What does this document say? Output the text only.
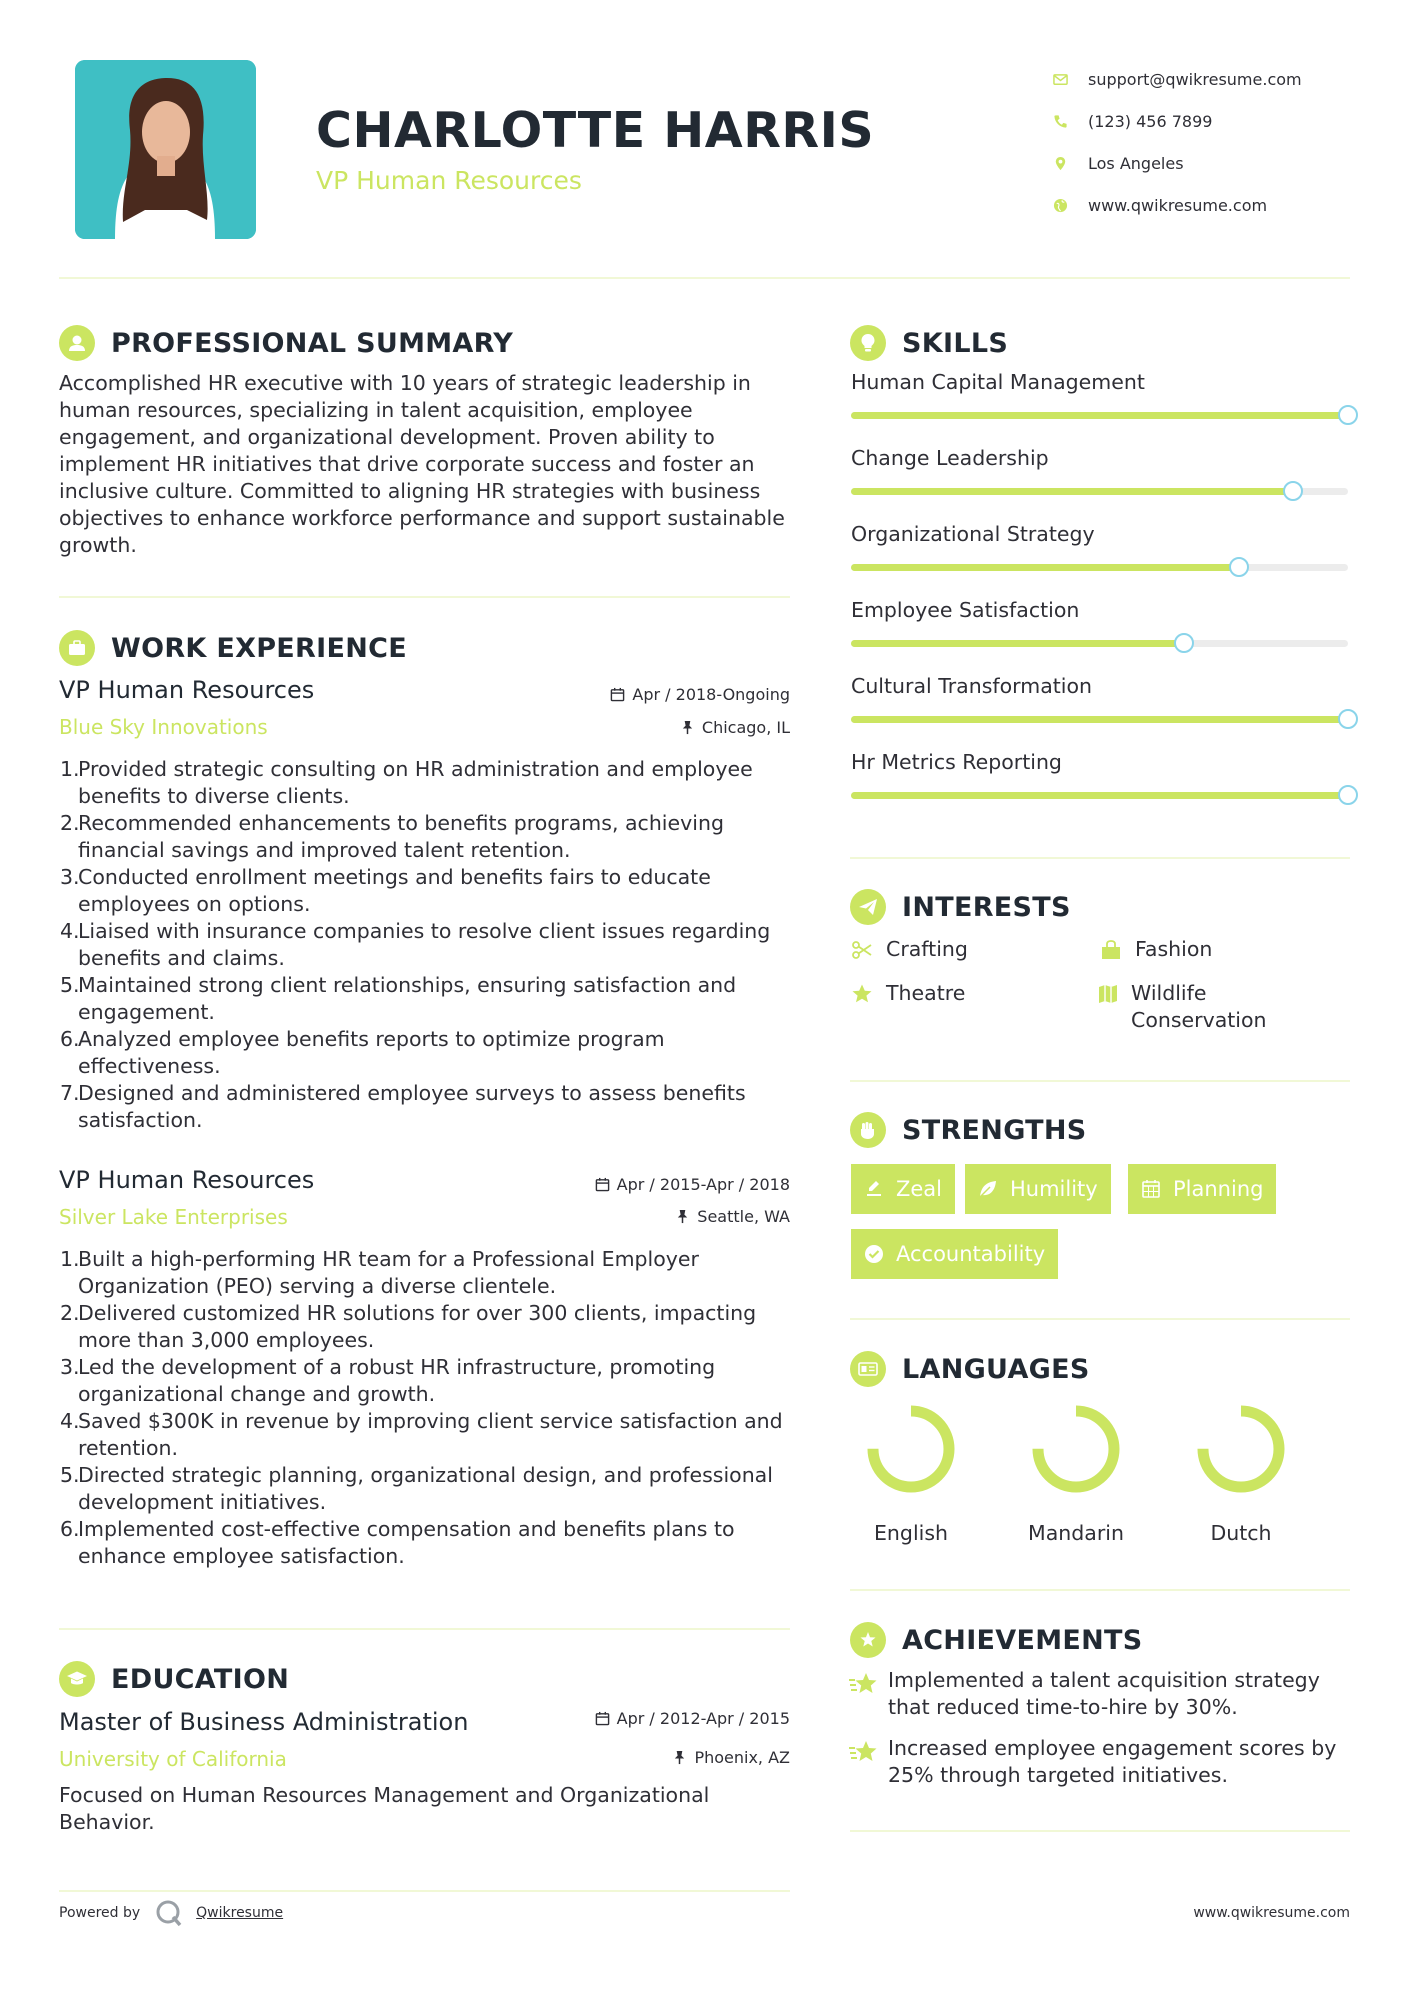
CHARLOTTE HARRIS
VP Human Resources
support@qwikresume.com
(123) 456 7899
Los Angeles
www.qwikresume.com
PROFESSIONAL SUMMARY
Accomplished HR executive with 10 years of strategic leadership in human resources, specializing in talent acquisition, employee engagement, and organizational development. Proven ability to implement HR initiatives that drive corporate success and foster an inclusive culture. Committed to aligning HR strategies with business objectives to enhance workforce performance and support sustainable growth.
WORK EXPERIENCE
VP Human Resources
Blue Sky Innovations
Apr / 2018-Ongoing
Chicago, IL
1.
Provided strategic consulting on HR administration and employee benefits to diverse clients.
2.
Recommended enhancements to benefits programs, achieving financial savings and improved talent retention.
3.
Conducted enrollment meetings and benefits fairs to educate employees on options.
4.
Liaised with insurance companies to resolve client issues regarding benefits and claims.
5.
Maintained strong client relationships, ensuring satisfaction and engagement.
6.
Analyzed employee benefits reports to optimize program effectiveness.
7.
Designed and administered employee surveys to assess benefits satisfaction.
VP Human Resources
Silver Lake Enterprises
Apr / 2015-Apr / 2018
Seattle, WA
1.
Built a high-performing HR team for a Professional Employer Organization (PEO) serving a diverse clientele.
2.
Delivered customized HR solutions for over 300 clients, impacting more than 3,000 employees.
3.
Led the development of a robust HR infrastructure, promoting organizational change and growth.
4.
Saved $300K in revenue by improving client service satisfaction and retention.
5.
Directed strategic planning, organizational design, and professional development initiatives.
6.
Implemented cost-effective compensation and benefits plans to enhance employee satisfaction.
EDUCATION
Master of Business Administration
University of California
Apr / 2012-Apr / 2015
Phoenix, AZ
Focused on Human Resources Management and Organizational Behavior.
SKILLS
Human Capital Management
Change Leadership
Organizational Strategy
Employee Satisfaction
Cultural Transformation
Hr Metrics Reporting
INTERESTS
Crafting	Fashion
Theatre	Wildlife Conservation
STRENGTHS
Zeal	Humility	Planning
Accountability
LANGUAGES
English	Mandarin	Dutch
ACHIEVEMENTS
Implemented a talent acquisition strategy that reduced time-to-hire by 30%.
Increased employee engagement scores by 25% through targeted initiatives.
Powered by	Qwikresume	www.qwikresume.com
